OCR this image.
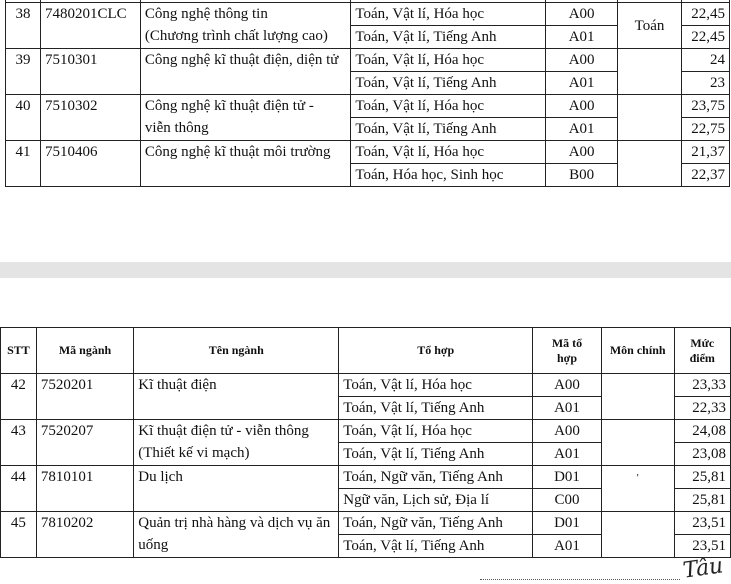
38	7480201CLC	Công nghệ thông tin
(Chương trình chất lượng cao)	Toán, Vật lí, Hóa học	A00	Toán	22,45
			Toán, Vật lí, Tiếng Anh	A01		22,45
39	7510301	Công nghệ kĩ thuật điện, diện tử	Toán, Vật lí, Hóa học	A00		24
			Toán, Vật lí, Tiếng Anh	A01		23
40	7510302	Công nghệ kĩ thuật điện tử -
viễn thông	Toán, Vật lí, Hóa học	A00		23,75
			Toán, Vật lí, Tiếng Anh	A01		22,75
41	7510406	Công nghệ kĩ thuật môi trường	Toán, Vật lí, Hóa học	A00		21,37
			Toán, Hóa học, Sinh học	B00		22,37
STT	Mã ngành	Tên ngành	Tổ hợp	Mã tổ
hợp	Môn chính	Mức
điểm
42	7520201	Kĩ thuật điện	Toán, Vật lí, Hóa học	A00		23,33
			Toán, Vật lí, Tiếng Anh	A01		22,33
43	7520207	Kĩ thuật điện tử - viễn thông
(Thiết kế vi mạch)	Toán, Vật lí, Hóa học	A00		24,08
			Toán, Vật lí, Tiếng Anh	A01		23,08
44	7810101	Du lịch	Toán, Ngữ văn, Tiếng Anh	D01	'	25,81
			Ngữ văn, Lịch sử, Địa lí	C00		25,81
45	7810202	Quản trị nhà hàng và dịch vụ ăn
uống	Toán, Ngữ văn, Tiếng Anh	D01		23,51
			Toán, Vật lí, Tiếng Anh	A01		23,51
Tâu
